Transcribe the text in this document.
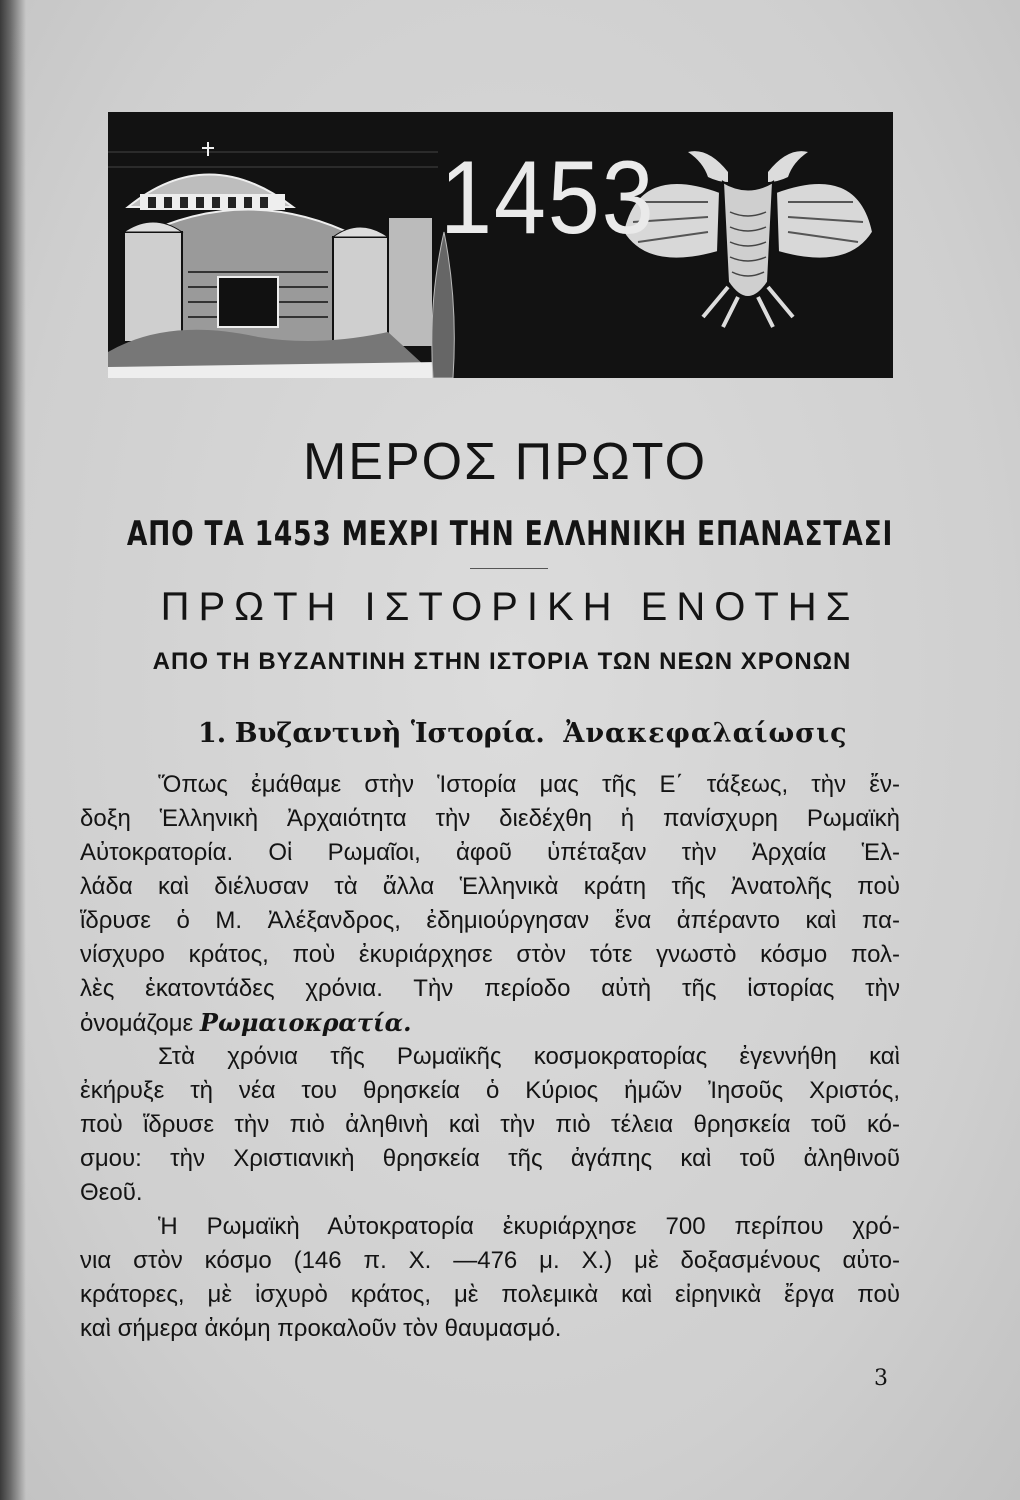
1453
ΜΕΡΟΣ ΠΡΩΤΟ
ΑΠΟ ΤΑ 1453 ΜΕΧΡΙ ΤΗΝ ΕΛΛΗΝΙΚΗ ΕΠΑΝΑΣΤΑΣΙ
ΠΡΩΤΗ ΙΣΤΟΡΙΚΗ ΕΝΟΤΗΣ
ΑΠΟ ΤΗ ΒΥΖΑΝΤΙΝΗ ΣΤΗΝ ΙΣΤΟΡΙΑ ΤΩΝ ΝΕΩΝ ΧΡΟΝΩΝ
1. Βυζαντινὴ Ἱστορία. Ἀνακεφαλαίωσις
Ὅπως ἐμάθαμε στὴν Ἱστορία μας τῆς Ε΄ τάξεως, τὴν ἔν-
δοξη Ἑλληνικὴ Ἀρχαιότητα τὴν διεδέχθη ἡ πανίσχυρη Ρωμαϊκὴ
Αὐτοκρατορία. Οἱ Ρωμαῖοι, ἀφοῦ ὑπέταξαν τὴν Ἀρχαία Ἑλ-
λάδα καὶ διέλυσαν τὰ ἄλλα Ἑλληνικὰ κράτη τῆς Ἀνατολῆς ποὺ
ἵδρυσε ὁ Μ. Ἀλέξανδρος, ἐδημιούργησαν ἕνα ἀπέραντο καὶ πα-
νίσχυρο κράτος, ποὺ ἐκυριάρχησε στὸν τότε γνωστὸ κόσμο πολ-
λὲς ἑκατοντάδες χρόνια. Τὴν περίοδο αὐτὴ τῆς ἱστορίας τὴν
ὀνομάζομε Ρωμαιοκρατία.
Στὰ χρόνια τῆς Ρωμαϊκῆς κοσμοκρατορίας ἐγεννήθη καὶ
ἐκήρυξε τὴ νέα του θρησκεία ὁ Κύριος ἡμῶν Ἰησοῦς Χριστός,
ποὺ ἵδρυσε τὴν πιὸ ἀληθινὴ καὶ τὴν πιὸ τέλεια θρησκεία τοῦ κό-
σμου: τὴν Χριστιανικὴ θρησκεία τῆς ἀγάπης καὶ τοῦ ἀληθινοῦ
Θεοῦ.
Ἡ Ρωμαϊκὴ Αὐτοκρατορία ἐκυριάρχησε 700 περίπου χρό-
νια στὸν κόσμο (146 π. Χ. —476 μ. Χ.) μὲ δοξασμένους αὐτο-
κράτορες, μὲ ἰσχυρὸ κράτος, μὲ πολεμικὰ καὶ εἰρηνικὰ ἔργα ποὺ
καὶ σήμερα ἀκόμη προκαλοῦν τὸν θαυμασμό.
3
